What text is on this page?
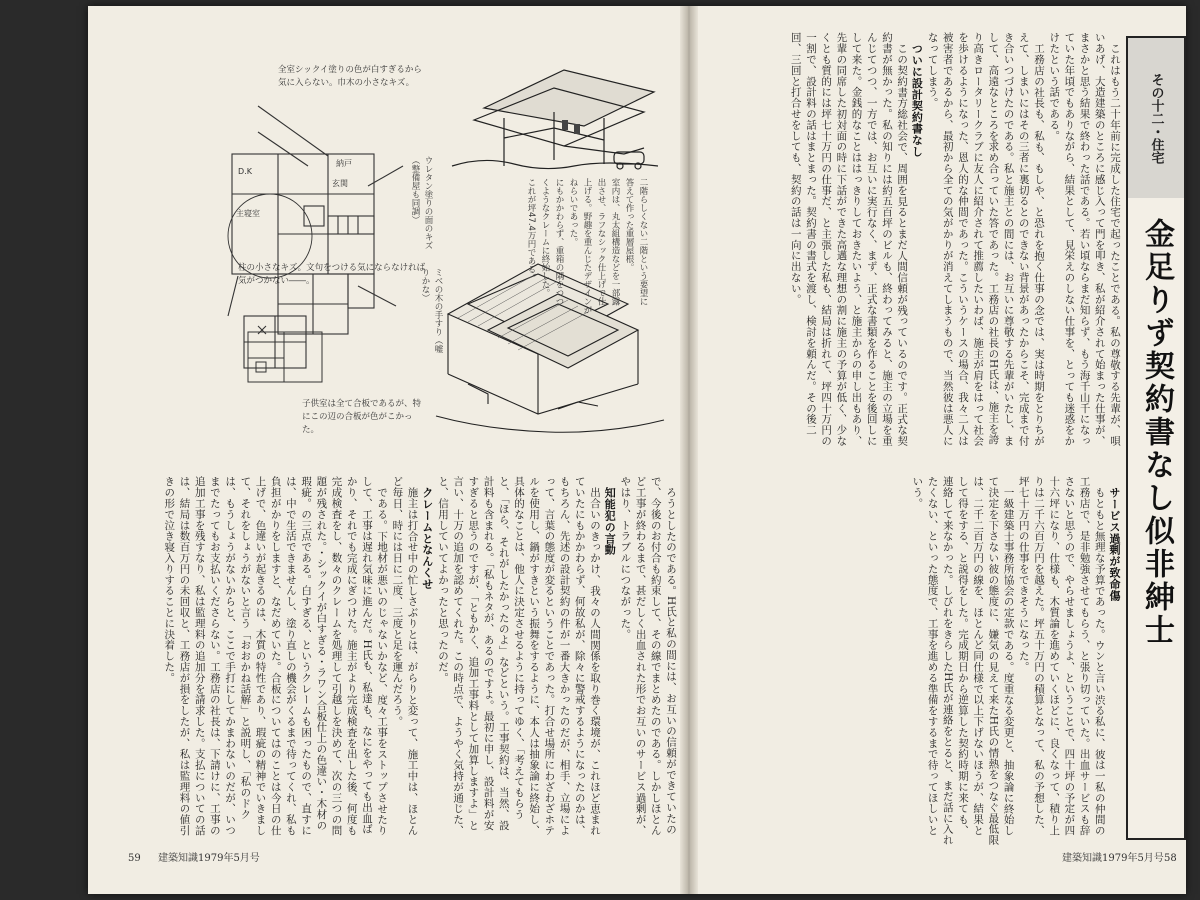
D.K
主寝室
玄関
納戸
全室シックイ塗りの色が白すぎるから気に入らない。巾木の小さなキズ。
柱の小さなキズ。文句をつける気にならなければ気がつかない――。
ウレタン塗りの面のキズ（整備屋も同調）
ミベの木の手すり（嘘りかな）
子供室は全て合板であるが、特にこの辺の合板が色がこかった。
二階らしくない二階という要望に
答えて作った重層屋根。
室内は、丸太組構造などを一部露
出させ、ラフなシック仕上げで仕
上げる。野趣を重んじたデザインが
ねらいであった。
にもかかわらず、重箱の隅をつつ
くようなクレームに終始した。
これが坪47.4万円である。

ろうとしたのである。H氏と私の間には、お互いの信頼ができていたので、今後のお付合も約束して、その線でまとめたのである。しかしほとんど工事が終わるまで、甚だしく出血された形でお互いのサービス過剰が、やはり、トラブルにつながった。

知能犯の言動

出合いのきっかけ、我々の人間関係を取り巻く環境が、これほど恵まれていたにもかかわらず、何故私が、除々に警戒するようになったのかは、もちろん、先述の設計契約の件が一番大きかったのだが、相手、立場によって、言葉の態度が変るということであった。打合せ場所にわざわざホテルを使用し、鍋がすきという振舞をするように、本人は抽象論に終始し、具体的なことは、他人に決定させるように持ってゆく、「考えてもらうと、「ほら、それがしたかったのよ」などという。工事契約は、当然、設計料も含まれる。「私もネタが、あるのですよ。最初に申し、設計料が安すぎると思うのですが、「ともかく、追加工事料として加算しますよ」と言い、十万の追加を認めてくれた。この時点で、ようやく気持が通じた、と、信用していてよかったと思ったのだ。

クレームとなんくせ

施主は打合せ中の忙しさぶりとは、がらりと変って、施工中は、ほとんど毎日、時には日に二度、三度と足を運んだろう。

である。下地材が悪いのじゃないかなど、度々工事をストップさせたりして、工事は遅れ気味に進んだ。H氏も、私達も、なにをやっても出血ばかり、それでも完成にぎつけた。施主がより完成検査を出した後、何度も完成検査をし、数々のクレームを処理して引越しを決めて、次の三つの問題が残された。・シックイが白すぎる・ラワン合板仕上の色違い・木材の瑕疵。の三点である。白すぎる、というクレームも困ったもので、直すには、中で生活できませんし、塗り直しの機会がくるまで待ってくれ、私も負担がかりをしますと、なだめていた。合板についてはのことは今日の仕上げで、色違いが起きるのは、木質の特性であり、瑕疵の精神でいきまして、それをしょうがないと言う「おおかね話解」と説明し、「私のドクは、もうしょうがないからと、ここで手打にしてかまわないのだが、いつまでたってもお支払いくださらない。工務店の社長は、下請けに、工事の追加工事を残すなり、私は監理料の追加分を請求した。支払についての話は、結局は数百万円の未回収と、工務店が損をしたが、私は監理料の値引きの形で泣き寝入りすることに決着した。

59 建築知識1979年5月号

これはもう二十年前に完成した住宅で起ったことである。私の尊敬する先輩が、唄いあげ、大造建築のところに感じ入って門を叩き、私が紹介されて始まった仕事が、まさかと思う結果で終わった話である。若い頃ならまだ知らず、もう海千山千になっていた年頃でもありながら、結果として、見栄えのしない仕事を、とっても迷惑をかけたという話である。

工務店の社長も、私も、もしや、と恐れを抱く仕事の念では、実は時期をとりちがえて、しまいにはその三者に裏切るとのできない背景があったからこそ、完成まで付き合いつづけたのである。私と施主との間には、お互いに尊敬する先輩がいたし、まして、高遠なところを求め合っていた答であった。工務店の社長のH氏は、施主を誇り高きロータリークラブに友人に紹介されて推薦したいわば、施主が肩をはって社会を歩けるようになった、恩人的な仲間であった。こういうケースの場合、我々二人は被害者であるから、最初から全ての気がかりが消えてしまうもので、当然彼は悪人になってしまう。

ついに設計契約書なし

この契約書方総社会で、周囲を見るとまだ人間信頼が残っているのです。正式な契約書が無かった。私の知りには約五百坪のビルも、終わってみると、施主の立場を重んじてつつ、一方では、お互いに実行なく、まず、正式な書類を作ることを後回しにして来た。金銭的なことははっきりしておきたいよう、と施主からの申し出もあり、先輩の同席した初対面の時に下話ができた高邁な理想の割に施主の予算が低く、少なくとも質的には坪七十万円の仕事だ、と主張した私も、結局は折れて、坪四十万円の一割で、設計料の話はまとまった。契約書の書式を渡し、検討を頼んだ。その後二回、三回と打合せをしても、契約の話は一向に出ない。

サービス過剰が致命傷

もともと無理な予算であった。ウンと言い渋る私に、彼は一私の仲間の工務店で、是非勉強させてもらう、と張り切っていた。出血サービスも辞さないと思うので、やらせましょうよ、ということで、四十坪の予定が四十六坪になり、仕様も、木質論を進めていくほどに、良くなって、積り上りは二千六百万円を越えた。坪五十万円の積算となって、私の予想した、坪七十万円の仕事をできそうになった。

一級建築士事務所協会の定款である。度重なる変更と、抽象論に終始して決定を下さない彼の態度に、嫌気の見えて来たH氏の情熱をつなぐ最低限は、二千二百万円の線を、ほとんど同仕様で以上下げないほうが、結果として得をする、と説得をした。完成期日から逆算した契約時期に来ても、連絡して来なかった。しびれをきらしたH氏が連絡をとると、まだ話に入れたくない、といった態度で、工事を進める準備をするまで待ってほしいという。

建築知識1979年5月号 58
その十二・住宅
金足りず契約書なし似非紳士
